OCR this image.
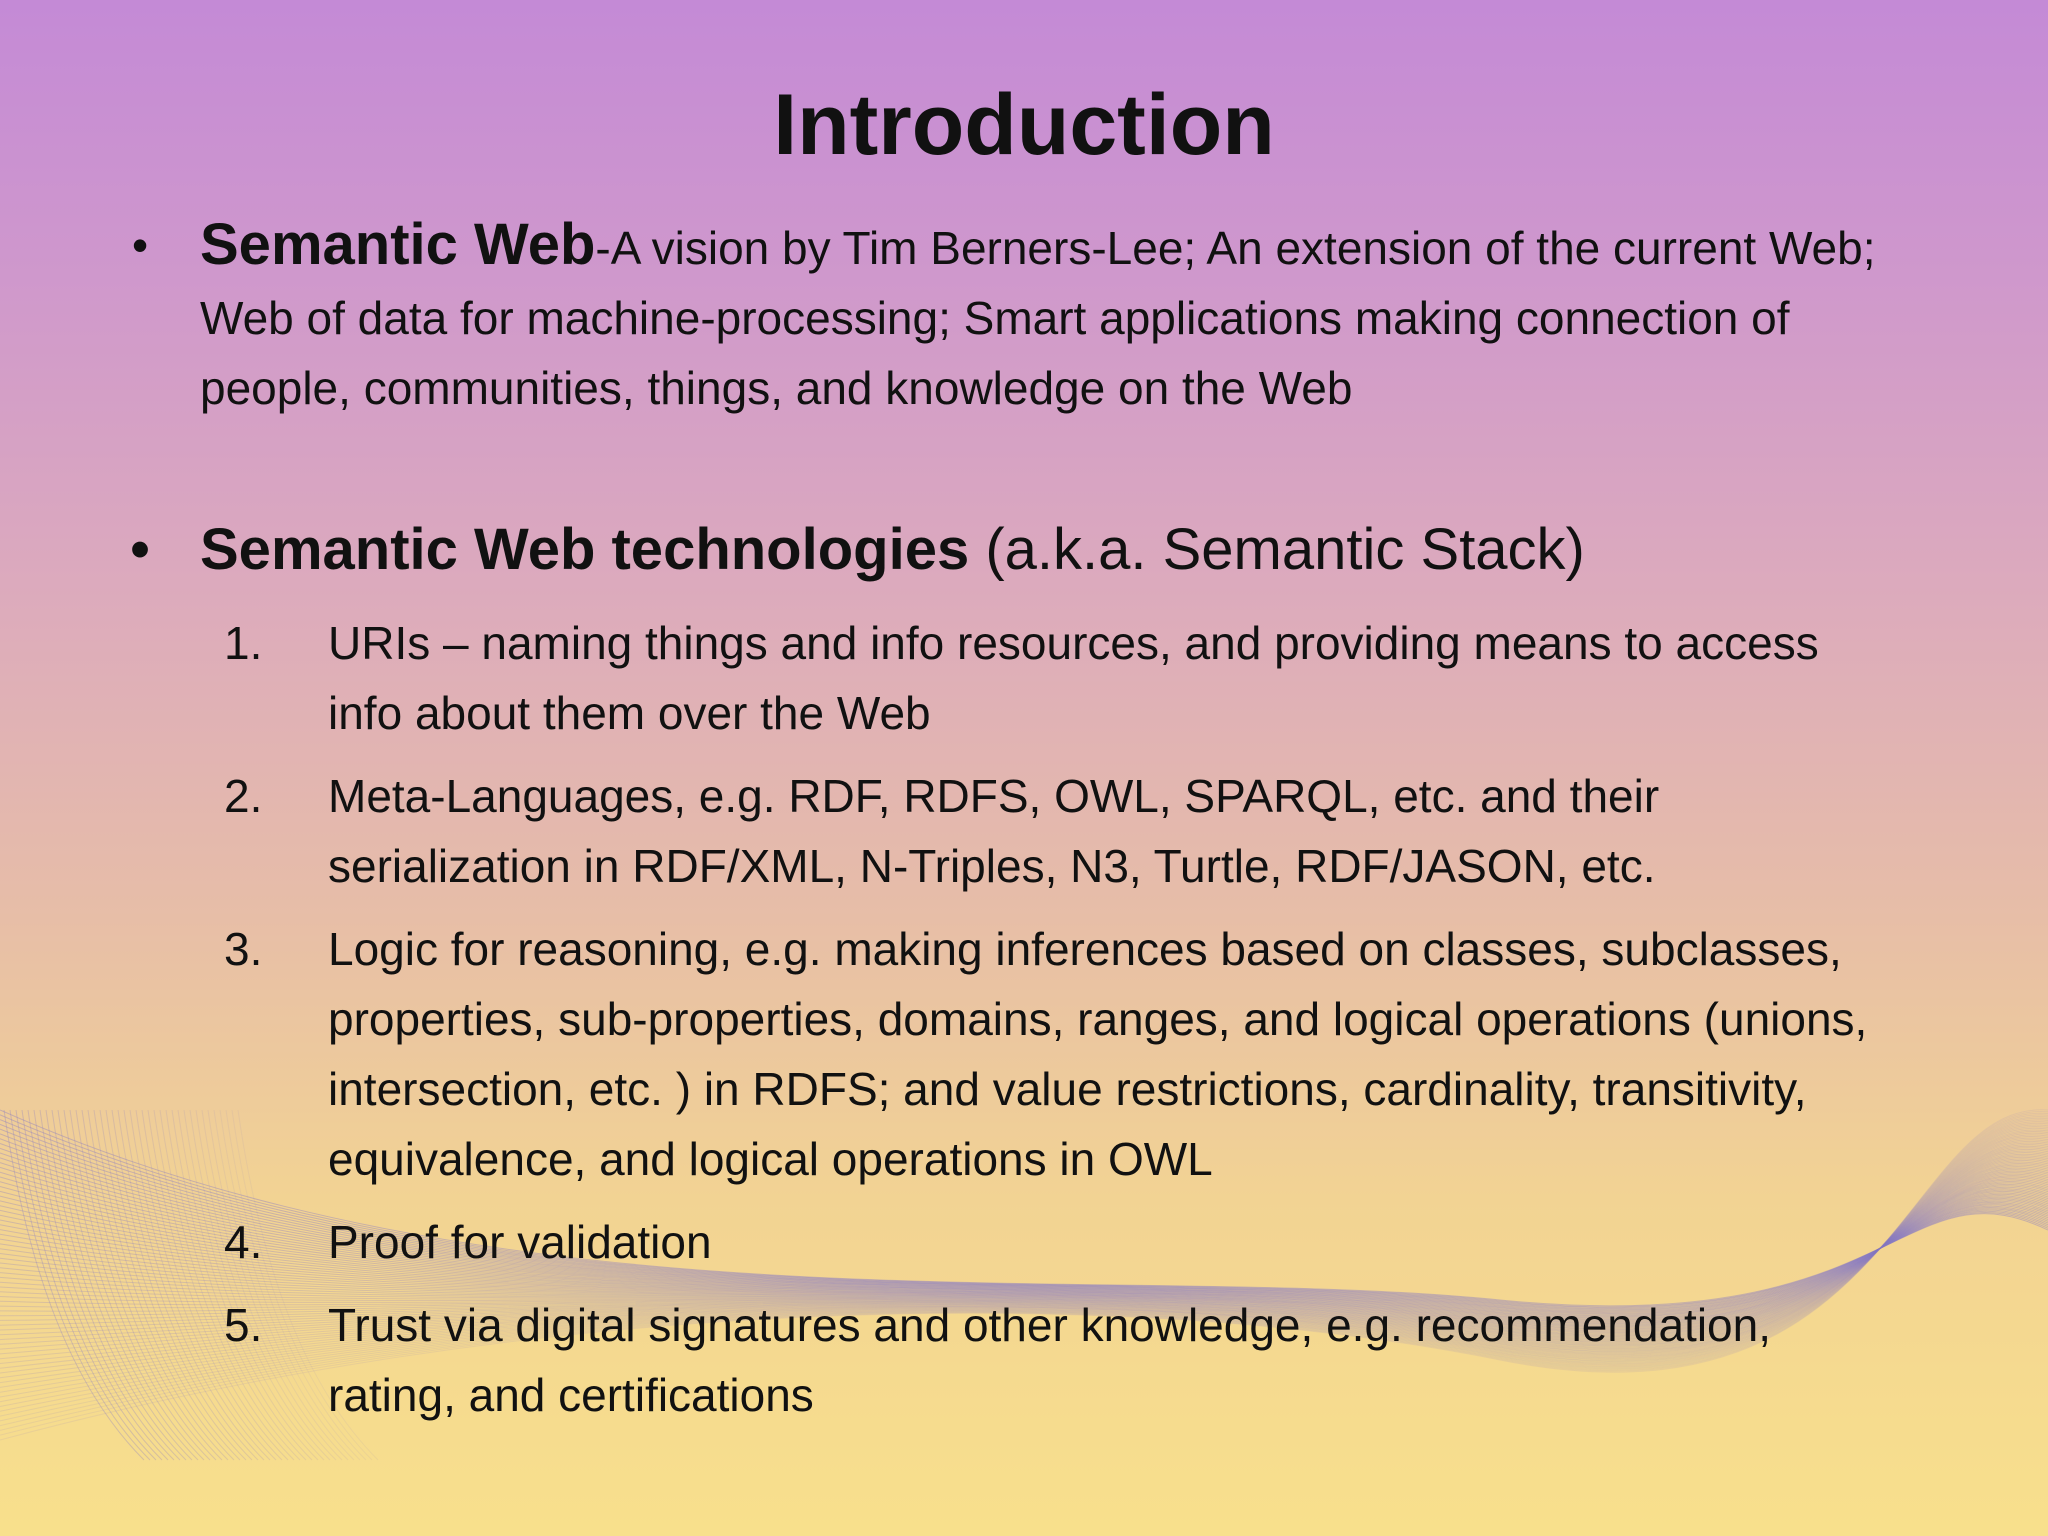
Introduction
• Semantic Web-A vision by Tim Berners-Lee; An extension of the current Web; Web of data for machine-processing; Smart applications making connection of people, communities, things, and knowledge on the Web
• Semantic Web technologies (a.k.a. Semantic Stack)
1.	URIs – naming things and info resources, and providing means to access info about them over the Web
2.	Meta-Languages, e.g. RDF, RDFS, OWL, SPARQL, etc. and their serialization in RDF/XML, N-Triples, N3, Turtle, RDF/JASON, etc.
3.	Logic for reasoning, e.g. making inferences based on classes, subclasses, properties, sub-properties, domains, ranges, and logical operations (unions, intersection, etc. ) in RDFS; and value restrictions, cardinality, transitivity, equivalence, and logical operations in OWL
4.	Proof for validation
5.	Trust via digital signatures and other knowledge, e.g. recommendation, rating, and certifications
